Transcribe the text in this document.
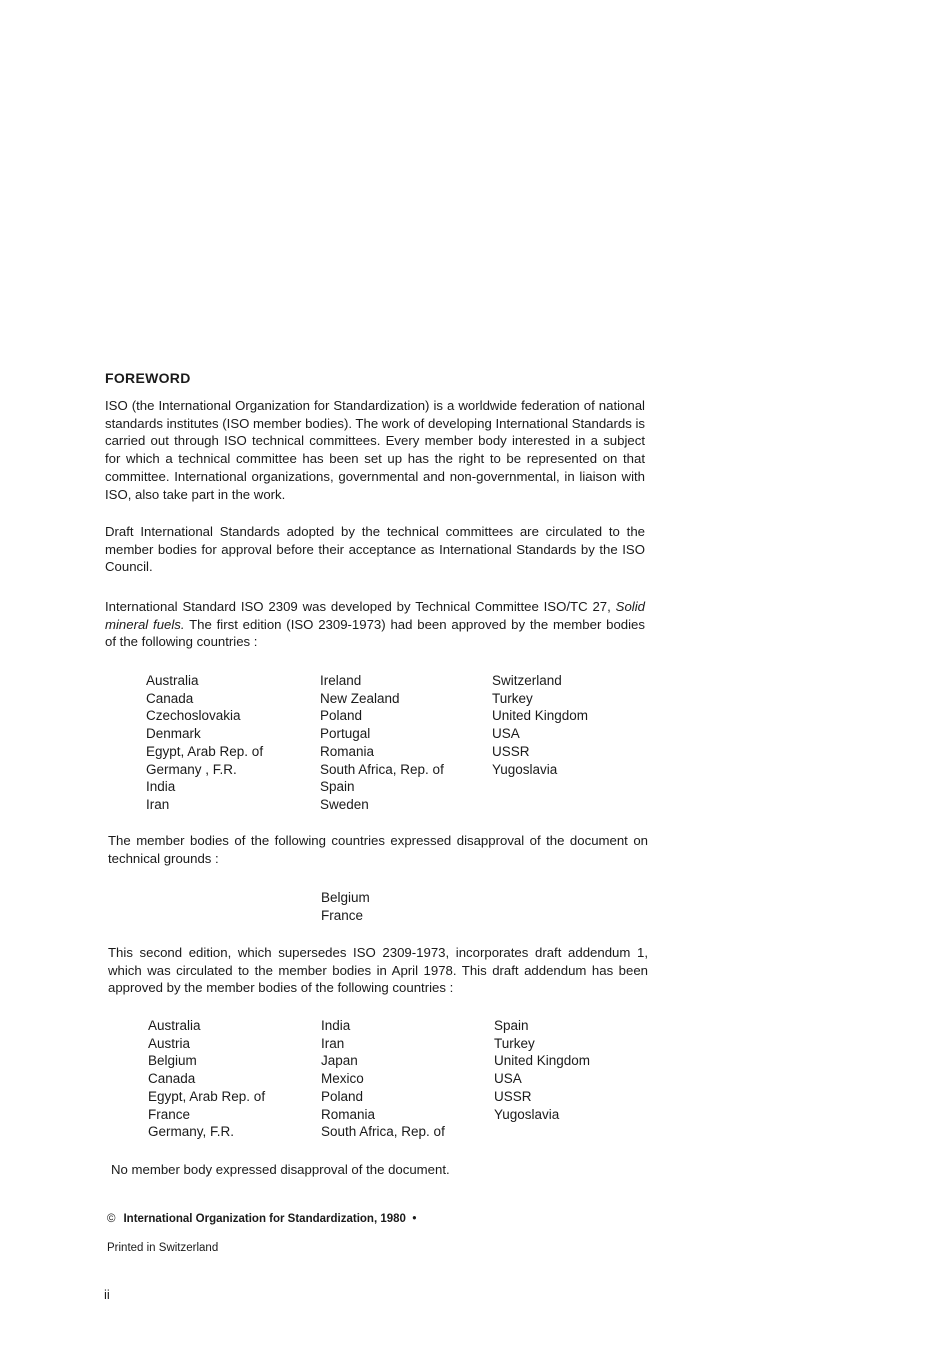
FOREWORD

ISO (the International Organization for Standardization) is a worldwide federation of national standards institutes (ISO member bodies). The work of developing International Standards is carried out through ISO technical committees. Every member body interested in a subject for which a technical committee has been set up has the right to be represented on that committee. International organizations, governmental and non-governmental, in liaison with ISO, also take part in the work.

Draft International Standards adopted by the technical committees are circulated to the member bodies for approval before their acceptance as International Standards by the ISO Council.

International Standard ISO 2309 was developed by Technical Committee ISO/TC 27, Solid mineral fuels. The first edition (ISO 2309-1973) had been approved by the member bodies of the following countries :

Australia
Canada
Czechoslovakia
Denmark
Egypt, Arab Rep. of
Germany , F.R.
India
Iran
Ireland
New Zealand
Poland
Portugal
Romania
South Africa, Rep. of
Spain
Sweden
Switzerland
Turkey
United Kingdom
USA
USSR
Yugoslavia

The member bodies of the following countries expressed disapproval of the document on technical grounds :

Belgium
France

This second edition, which supersedes ISO 2309-1973, incorporates draft addendum 1, which was circulated to the member bodies in April 1978. This draft addendum has been approved by the member bodies of the following countries :

Australia
Austria
Belgium
Canada
Egypt, Arab Rep. of
France
Germany, F.R.
India
Iran
Japan
Mexico
Poland
Romania
South Africa, Rep. of
Spain
Turkey
United Kingdom
USA
USSR
Yugoslavia

No member body expressed disapproval of the document.

© International Organization for Standardization, 1980 •
Printed in Switzerland
ii
